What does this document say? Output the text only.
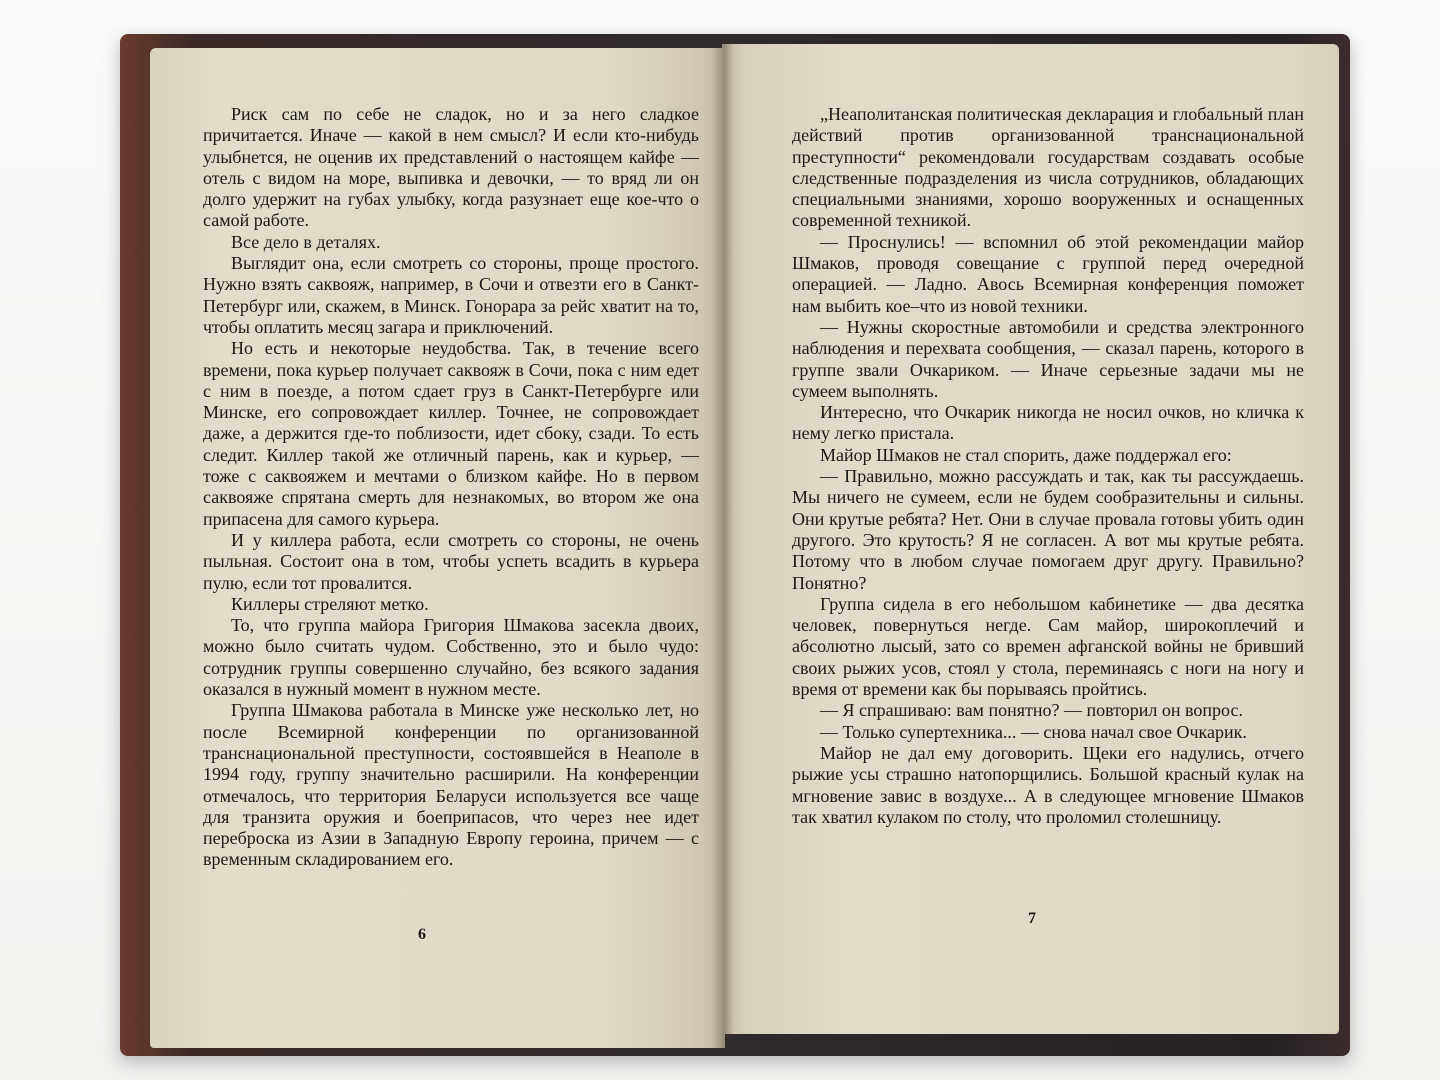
Риск сам по себе не сладок, но и за него сладкое причитается. Иначе — какой в нем смысл? И если кто-нибудь улыбнется, не оценив их представлений о настоящем кайфе — отель с видом на море, выпивка и девочки, — то вряд ли он долго удержит на губах улыбку, когда разузнает еще кое-что о самой работе.

Все дело в деталях.

Выглядит она, если смотреть со стороны, проще простого. Нужно взять саквояж, например, в Сочи и отвезти его в Санкт-Петербург или, скажем, в Минск. Гонорара за рейс хватит на то, чтобы оплатить месяц загара и приключений.

Но есть и некоторые неудобства. Так, в течение всего времени, пока курьер получает саквояж в Сочи, пока с ним едет с ним в поезде, а потом сдает груз в Санкт-Петербурге или Минске, его сопровождает киллер. Точнее, не сопровождает даже, а держится где-то поблизости, идет сбоку, сзади. То есть следит. Киллер такой же отличный парень, как и курьер, — тоже с саквояжем и мечтами о близком кайфе. Но в первом саквояже спрятана смерть для незнакомых, во втором же она припасена для самого курьера.

И у киллера работа, если смотреть со стороны, не очень пыльная. Состоит она в том, чтобы успеть всадить в курьера пулю, если тот провалится.

Киллеры стреляют метко.

То, что группа майора Григория Шмакова засекла двоих, можно было считать чудом. Собственно, это и было чудо: сотрудник группы совершенно случайно, без всякого задания оказался в нужный момент в нужном месте.

Группа Шмакова работала в Минске уже несколько лет, но после Всемирной конференции по организованной транснациональной преступности, состоявшейся в Неаполе в 1994 году, группу значительно расширили. На конференции отмечалось, что территория Беларуси используется все чаще для транзита оружия и боеприпасов, что через нее идет переброска из Азии в Западную Европу героина, причем — с временным складированием его.

6

„Неаполитанская политическая декларация и глобальный план действий против организованной транснациональной преступности“ рекомендовали государствам создавать особые следственные подразделения из числа сотрудников, обладающих специальными знаниями, хорошо вооруженных и оснащенных современной техникой.

— Проснулись! — вспомнил об этой рекомендации майор Шмаков, проводя совещание с группой перед очередной операцией. — Ладно. Авось Всемирная конференция поможет нам выбить кое–что из новой техники.

— Нужны скоростные автомобили и средства электронного наблюдения и перехвата сообщения, — сказал парень, которого в группе звали Очкариком. — Иначе серьезные задачи мы не сумеем выполнять.

Интересно, что Очкарик никогда не носил очков, но кличка к нему легко пристала.

Майор Шмаков не стал спорить, даже поддержал его:

— Правильно, можно рассуждать и так, как ты рассуждаешь. Мы ничего не сумеем, если не будем сообразительны и сильны. Они крутые ребята? Нет. Они в случае провала готовы убить один другого. Это крутость? Я не согласен. А вот мы крутые ребята. Потому что в любом случае помогаем друг другу. Правильно? Понятно?

Группа сидела в его небольшом кабинетике — два десятка человек, повернуться негде. Сам майор, широкоплечий и абсолютно лысый, зато со времен афганской войны не бривший своих рыжих усов, стоял у стола, переминаясь с ноги на ногу и время от времени как бы порываясь пройтись.

— Я спрашиваю: вам понятно? — повторил он вопрос.

— Только супертехника... — снова начал свое Очкарик.

Майор не дал ему договорить. Щеки его надулись, отчего рыжие усы страшно натопорщились. Большой красный кулак на мгновение завис в воздухе... А в следующее мгновение Шмаков так хватил кулаком по столу, что проломил столешницу.

7
